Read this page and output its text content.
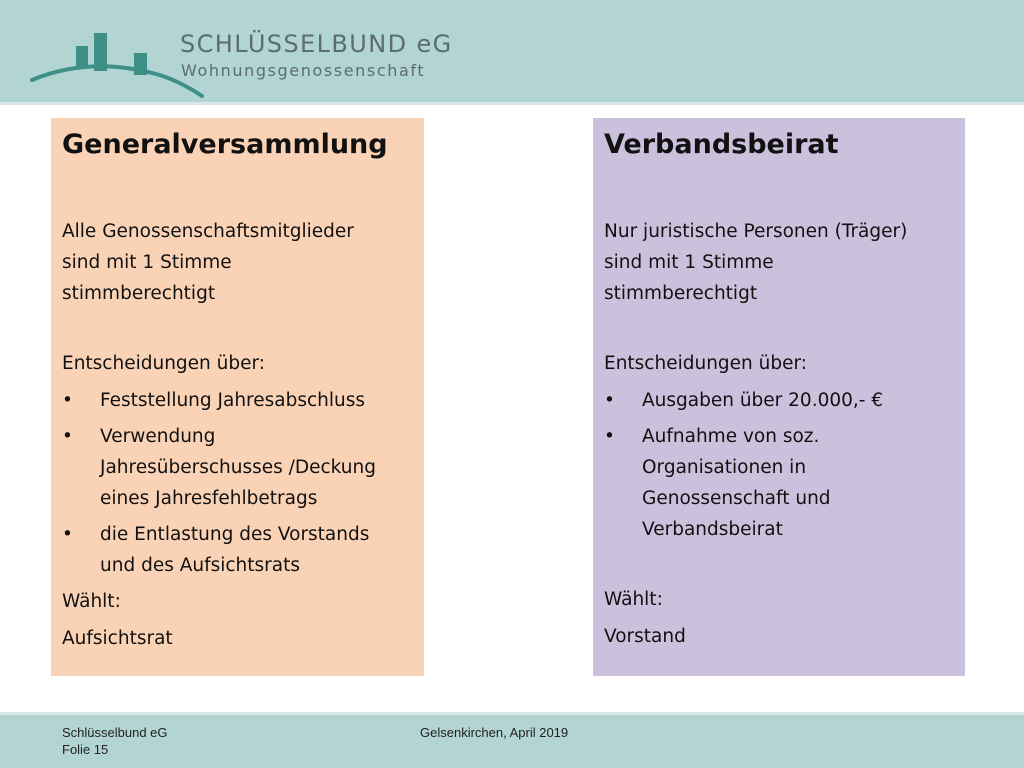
SCHLÜSSELBUND eG
Wohnungsgenossenschaft
Generalversammlung
Alle Genossenschaftsmitglieder
sind mit 1 Stimme
stimmberechtigt
Entscheidungen über:
• Feststellung Jahresabschluss
• Verwendung
Jahresüberschusses /Deckung
eines Jahresfehlbetrags
• die Entlastung des Vorstands
und des Aufsichtsrats
Wählt:
Aufsichtsrat
Verbandsbeirat
Nur juristische Personen (Träger)
sind mit 1 Stimme
stimmberechtigt
Entscheidungen über:
• Ausgaben über 20.000,- €
• Aufnahme von soz.
Organisationen in
Genossenschaft und
Verbandsbeirat
Wählt:
Vorstand
Schlüsselbund eG
Folie 15
Gelsenkirchen, April 2019
